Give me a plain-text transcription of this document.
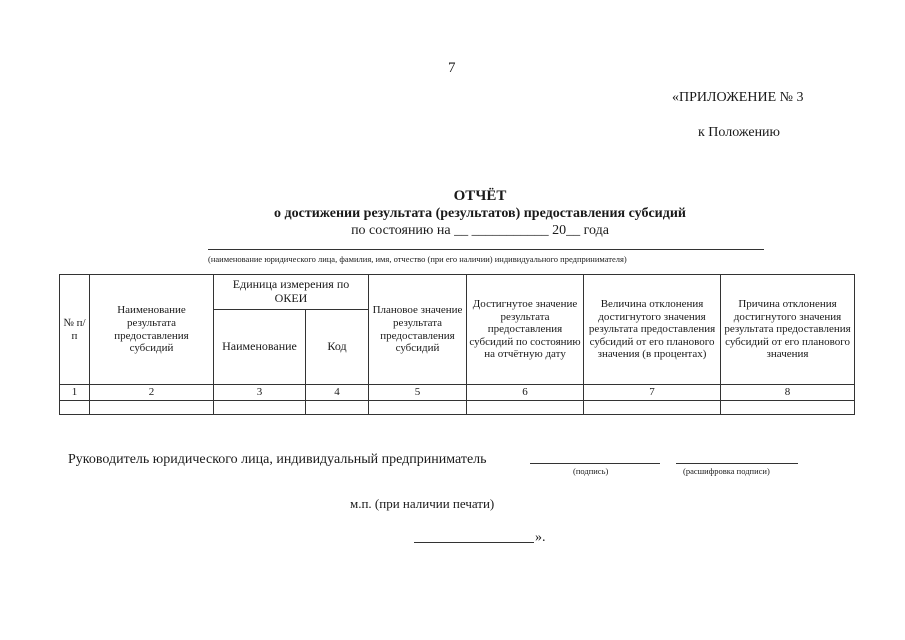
7
«ПРИЛОЖЕНИЕ № 3
к Положению
ОТЧЁТ
о достижении результата (результатов) предоставления субсидий
по состоянию на __ ___________ 20__ года
(наименование юридического лица, фамилия, имя, отчество (при его наличии) индивидуального предпринимателя)
№ п/п	Наименование результата предоставления субсидий	Единица измерения по ОКЕИ		Плановое значение результата предоставления субсидий	Достигнутое значение результата предоставления субсидий по состоянию на отчётную дату	Величина отклонения достигнутого значения результата предоставления субсидий от его планового значения (в процентах)	Причина отклонения достигнутого значения результата предоставления субсидий от его планового значения
		Наименование	Код				
1	2	3	4	5	6	7	8

Руководитель юридического лица, индивидуальный предприниматель
(подпись)	(расшифровка подписи)
м.п. (при наличии печати)
».
